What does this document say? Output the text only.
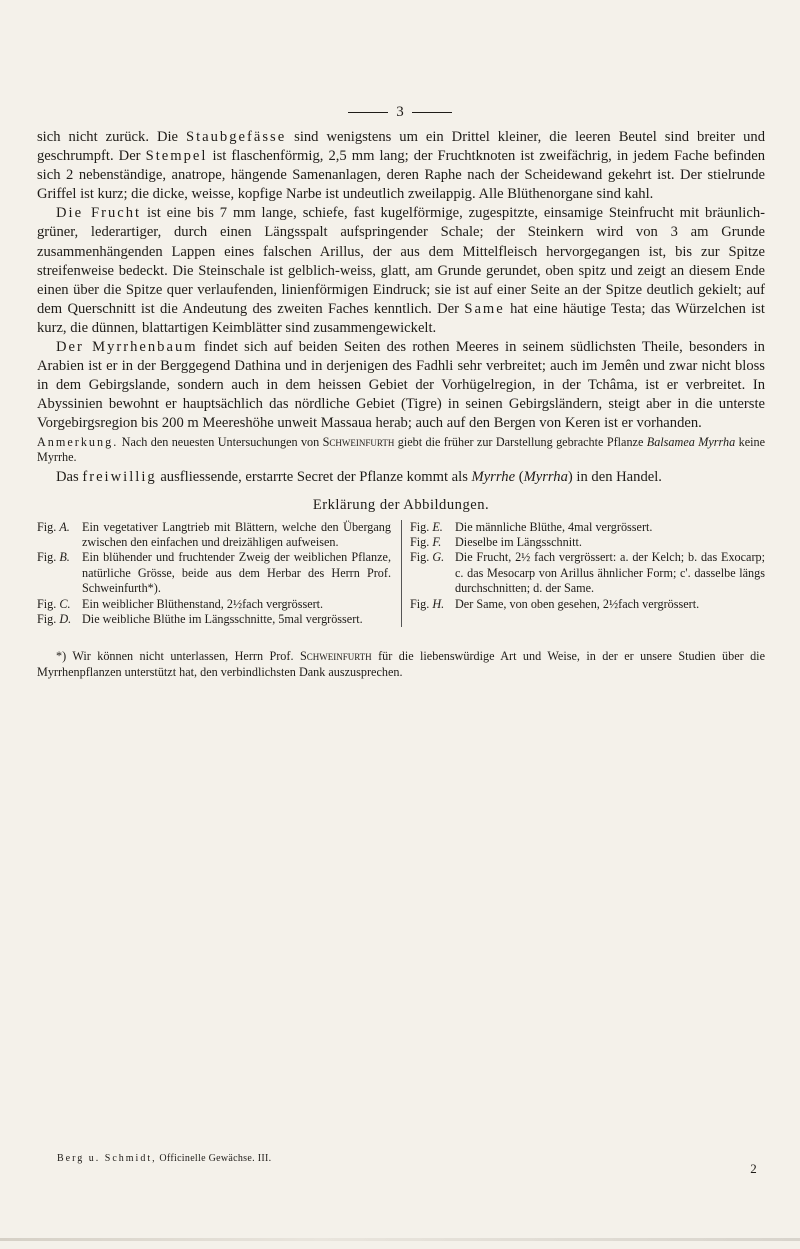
3

sich nicht zurück. Die Staubgefässe sind wenigstens um ein Drittel kleiner, die leeren Beutel sind breiter und geschrumpft. Der Stempel ist flaschenförmig, 2,5 mm lang; der Fruchtknoten ist zweifächrig, in jedem Fache befinden sich 2 nebenständige, anatrope, hängende Samenanlagen, deren Raphe nach der Scheidewand gekehrt ist. Der stielrunde Griffel ist kurz; die dicke, weisse, kopfige Narbe ist undeutlich zweilappig. Alle Blüthenorgane sind kahl.

Die Frucht ist eine bis 7 mm lange, schiefe, fast kugelförmige, zugespitzte, einsamige Steinfrucht mit bräunlich-grüner, lederartiger, durch einen Längsspalt aufspringender Schale; der Steinkern wird von 3 am Grunde zusammenhängenden Lappen eines falschen Arillus, der aus dem Mittelfleisch hervorgegangen ist, bis zur Spitze streifenweise bedeckt. Die Steinschale ist gelblich-weiss, glatt, am Grunde gerundet, oben spitz und zeigt an diesem Ende einen über die Spitze quer verlaufenden, linienförmigen Eindruck; sie ist auf einer Seite an der Spitze deutlich gekielt; auf dem Querschnitt ist die Andeutung des zweiten Faches kenntlich. Der Same hat eine häutige Testa; das Würzelchen ist kurz, die dünnen, blattartigen Keimblätter sind zusammengewickelt.

Der Myrrhenbaum findet sich auf beiden Seiten des rothen Meeres in seinem südlichsten Theile, besonders in Arabien ist er in der Berggegend Dathina und in derjenigen des Fadhli sehr verbreitet; auch im Jemên und zwar nicht bloss in dem Gebirgslande, sondern auch in dem heissen Gebiet der Vorhügelregion, in der Tchâma, ist er verbreitet. In Abyssinien bewohnt er hauptsächlich das nördliche Gebiet (Tigre) in seinen Gebirgsländern, steigt aber in die unterste Vorgebirgsregion bis 200 m Meereshöhe unweit Massaua herab; auch auf den Bergen von Keren ist er vorhanden.

Anmerkung. Nach den neuesten Untersuchungen von Schweinfurth giebt die früher zur Darstellung gebrachte Pflanze Balsamea Myrrha keine Myrrhe.

Das freiwillig ausfliessende, erstarrte Secret der Pflanze kommt als Myrrhe (Myrrha) in den Handel.

Erklärung der Abbildungen.
Fig. A. Ein vegetativer Langtrieb mit Blättern, welche den Übergang zwischen den einfachen und dreizähligen aufweisen.
Fig. B. Ein blühender und fruchtender Zweig der weiblichen Pflanze, natürliche Grösse, beide aus dem Herbar des Herrn Prof. Schweinfurth*).
Fig. C. Ein weiblicher Blüthenstand, 2½fach vergrössert.
Fig. D. Die weibliche Blüthe im Längsschnitte, 5mal vergrössert.
Fig. E. Die männliche Blüthe, 4mal vergrössert.
Fig. F.	Dieselbe im Längsschnitt.
Fig. G. Die Frucht, 2½ fach vergrössert: a. der Kelch; b. das Exocarp; c. das Mesocarp von Arillus ähnlicher Form; c'. dasselbe längs durchschnitten; d. der Same.
Fig. H. Der Same, von oben gesehen, 2½fach vergrössert.

*) Wir können nicht unterlassen, Herrn Prof. Schweinfurth für die liebenswürdige Art und Weise, in der er unsere Studien über die Myrrhenpflanzen unterstützt hat, den verbindlichsten Dank auszusprechen.

Berg u. Schmidt, Officinelle Gewächse. III.
2
